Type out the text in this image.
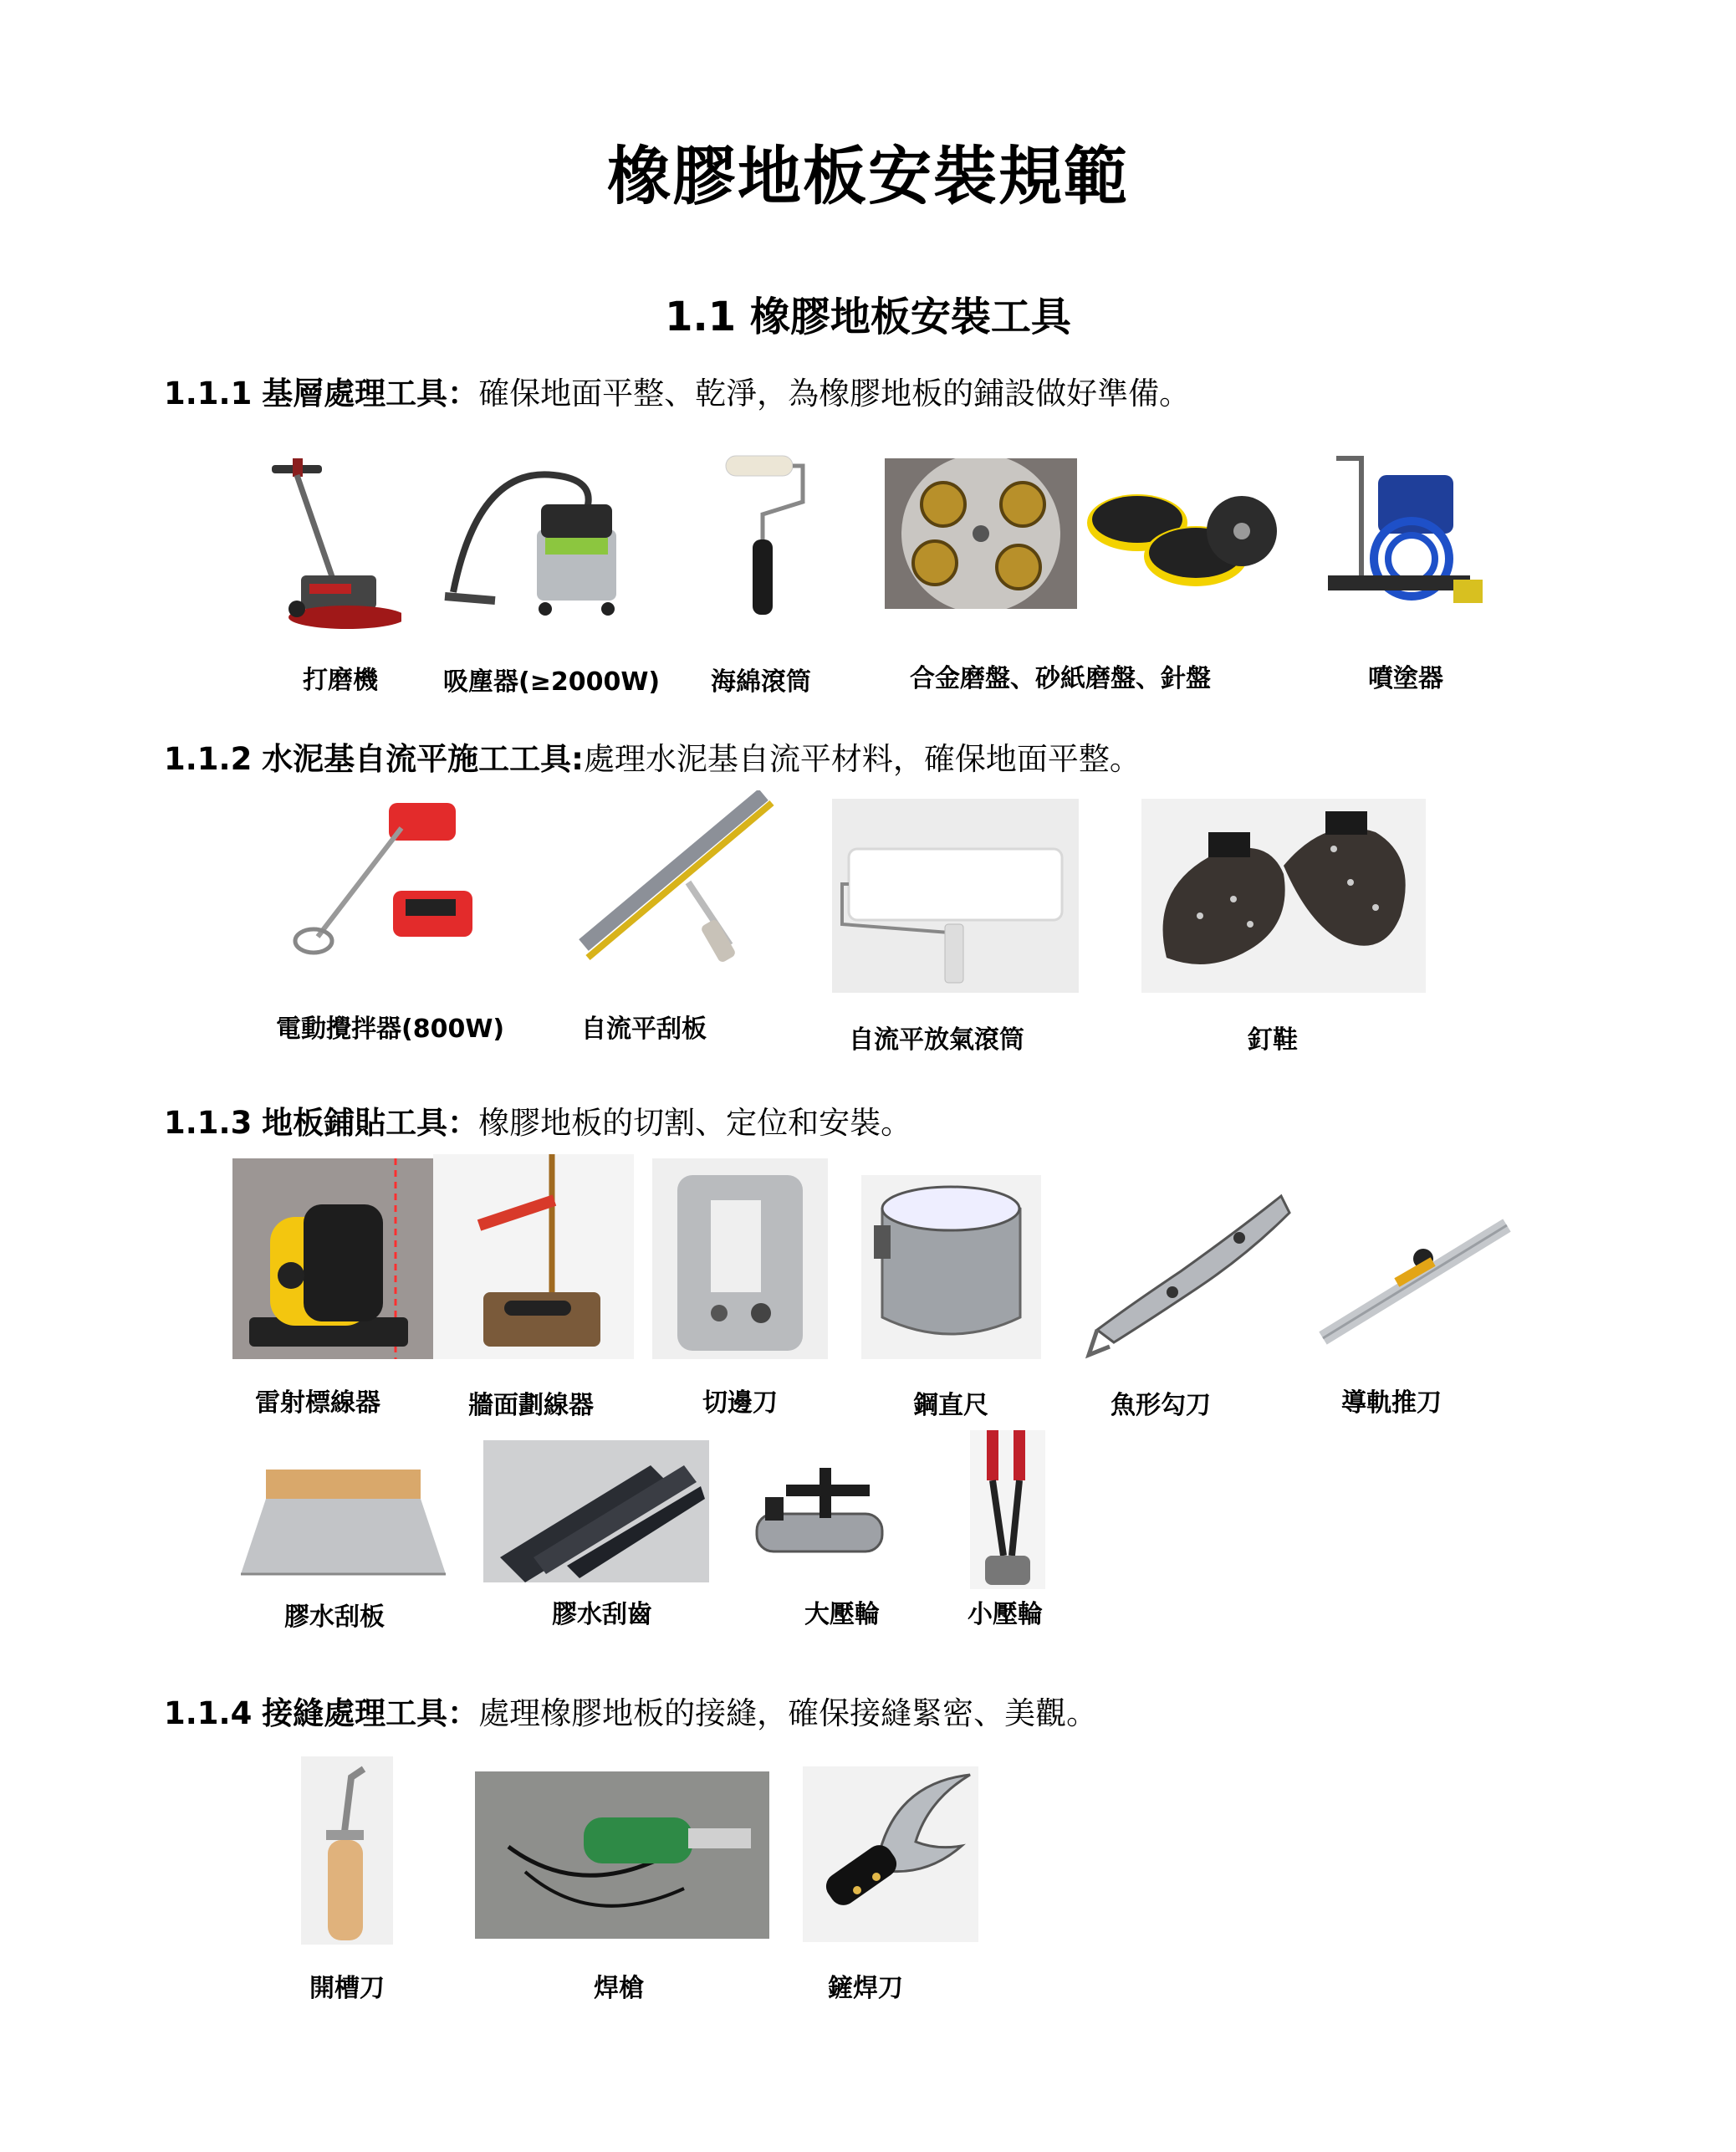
橡膠地板安裝規範
1.1 橡膠地板安裝工具

1.1.1 基層處理工具：確保地面平整、乾淨，為橡膠地板的鋪設做好準備。

打磨機	吸塵器(≥2000W) 海綿滾筒	合金磨盤、砂紙磨盤、針盤	噴塗器

1.1.2 水泥基自流平施工工具:處理水泥基自流平材料，確保地面平整。

電動攪拌器(800W)	自流平刮板	自流平放氣滾筒	釘鞋

1.1.3 地板鋪貼工具：橡膠地板的切割、定位和安裝。

雷射標線器	牆面劃線器	切邊刀	鋼直尺	魚形勾刀	導軌推刀
膠水刮板	膠水刮齒	大壓輪	小壓輪

1.1.4 接縫處理工具：處理橡膠地板的接縫，確保接縫緊密、美觀。

開槽刀	焊槍	鏟焊刀
